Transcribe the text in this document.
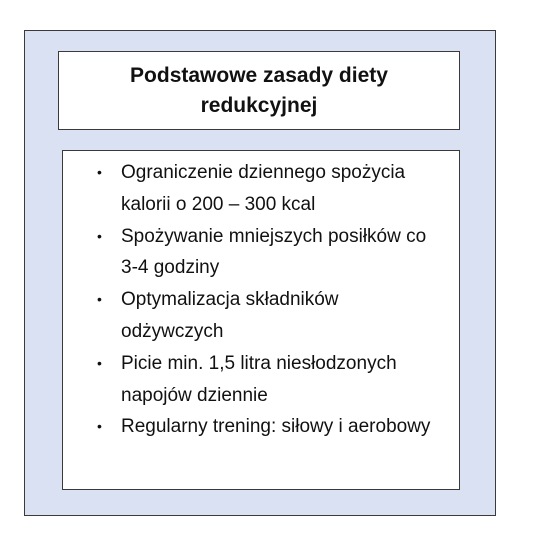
Podstawowe zasady diety
redukcyjnej

• Ograniczenie dziennego spożycia kalorii o 200 – 300 kcal
• Spożywanie mniejszych posiłków co 3-4 godziny
• Optymalizacja składników odżywczych
• Picie min. 1,5 litra niesłodzonych napojów dziennie
• Regularny trening: siłowy i aerobowy
